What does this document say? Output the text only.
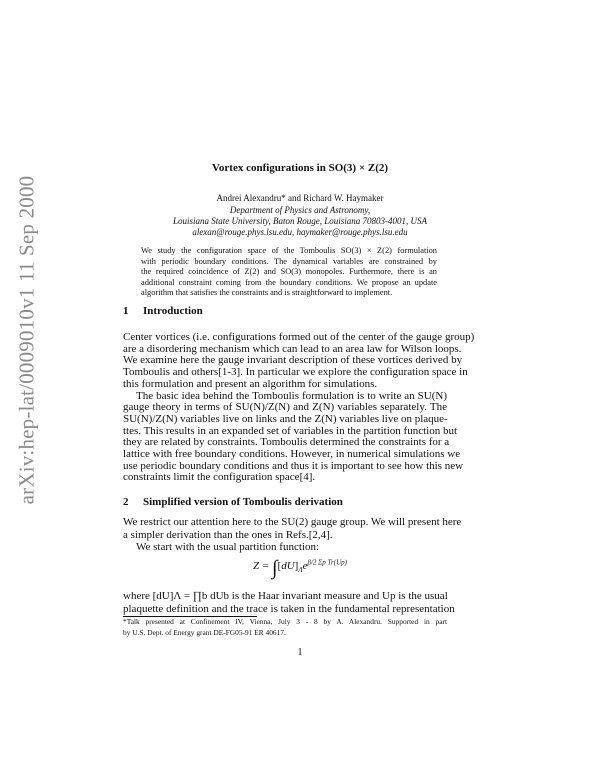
arXiv:hep-lat/0009010v1 11 Sep 2000
Vortex configurations in SO(3) × Z(2)
Andrei Alexandru* and Richard W. Haymaker
Department of Physics and Astronomy,
Louisiana State University, Baton Rouge, Louisiana 70803-4001, USA
alexan@rouge.phys.lsu.edu, haymaker@rouge.phys.lsu.edu
We study the configuration space of the Tomboulis SO(3) × Z(2) formulation
with periodic boundary conditions. The dynamical variables are constrained by
the required coincidence of Z(2) and SO(3) monopoles. Furthermore, there is an
additional constraint coming from the boundary conditions. We propose an update
algorithm that satisfies the constraints and is straightforward to implement.
1 Introduction
Center vortices (i.e. configurations formed out of the center of the gauge group)
are a disordering mechanism which can lead to an area law for Wilson loops.
We examine here the gauge invariant description of these vortices derived by
Tomboulis and others[1-3]. In particular we explore the configuration space in
this formulation and present an algorithm for simulations.
The basic idea behind the Tomboulis formulation is to write an SU(N)
gauge theory in terms of SU(N)/Z(N) and Z(N) variables separately. The
SU(N)/Z(N) variables live on links and the Z(N) variables live on plaque-
ttes. This results in an expanded set of variables in the partition function but
they are related by constraints. Tomboulis determined the constraints for a
lattice with free boundary conditions. However, in numerical simulations we
use periodic boundary conditions and thus it is important to see how this new
constraints limit the configuration space[4].
2 Simplified version of Tomboulis derivation
We restrict our attention here to the SU(2) gauge group. We will present here
a simpler derivation than the ones in Refs.[2,4].
We start with the usual partition function:
$Z = \int[dU]_\Lambda e^{\beta/2 \Sigma p Tr(Up)}$
where [dU]Λ = ∏b dUb is the Haar invariant measure and Up is the usual
plaquette definition and the trace is taken in the fundamental representation
*Talk presented at Confinement IV, Vienna, July 3 - 8 by A. Alexandru. Supported in part
by U.S. Dept. of Energy grant DE-FG05-91 ER 40617.
1
